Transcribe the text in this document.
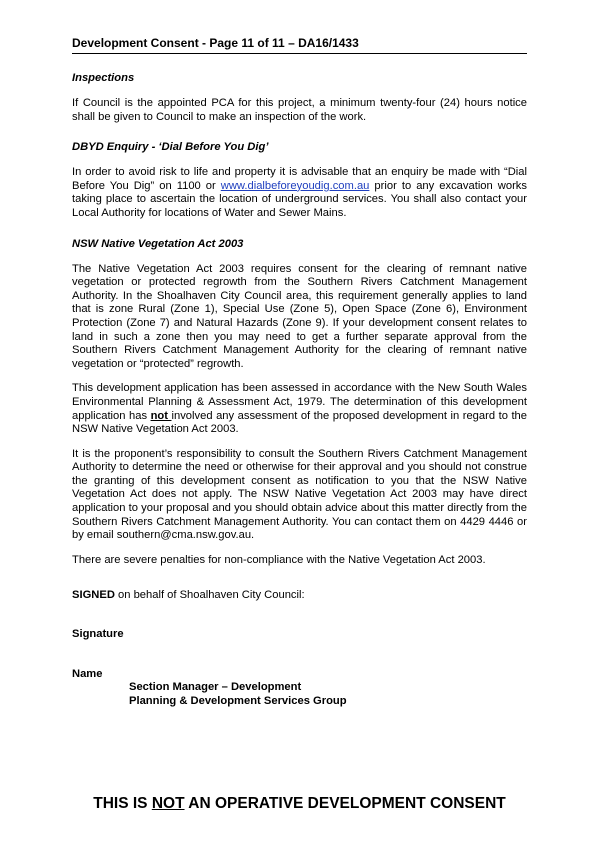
Development Consent - Page 11 of 11 – DA16/1433
Inspections

If Council is the appointed PCA for this project, a minimum twenty-four (24) hours notice shall be given to Council to make an inspection of the work.

DBYD Enquiry - ‘Dial Before You Dig’

In order to avoid risk to life and property it is advisable that an enquiry be made with “Dial Before You Dig” on 1100 or www.dialbeforeyoudig.com.au prior to any excavation works taking place to ascertain the location of underground services. You shall also contact your Local Authority for locations of Water and Sewer Mains.

NSW Native Vegetation Act 2003

The Native Vegetation Act 2003 requires consent for the clearing of remnant native vegetation or protected regrowth from the Southern Rivers Catchment Management Authority. In the Shoalhaven City Council area, this requirement generally applies to land that is zone Rural (Zone 1), Special Use (Zone 5), Open Space (Zone 6), Environment Protection (Zone 7) and Natural Hazards (Zone 9). If your development consent relates to land in such a zone then you may need to get a further separate approval from the Southern Rivers Catchment Management Authority for the clearing of remnant native vegetation or “protected” regrowth.

This development application has been assessed in accordance with the New South Wales Environmental Planning & Assessment Act, 1979. The determination of this development application has not involved any assessment of the proposed development in regard to the NSW Native Vegetation Act 2003.

It is the proponent’s responsibility to consult the Southern Rivers Catchment Management Authority to determine the need or otherwise for their approval and you should not construe the granting of this development consent as notification to you that the NSW Native Vegetation Act does not apply. The NSW Native Vegetation Act 2003 may have direct application to your proposal and you should obtain advice about this matter directly from the Southern Rivers Catchment Management Authority. You can contact them on 4429 4446 or by email southern@cma.nsw.gov.au.

There are severe penalties for non-compliance with the Native Vegetation Act 2003.

SIGNED on behalf of Shoalhaven City Council:
Signature
Name
Section Manager – Development
Planning & Development Services Group
THIS IS NOT AN OPERATIVE DEVELOPMENT CONSENT
